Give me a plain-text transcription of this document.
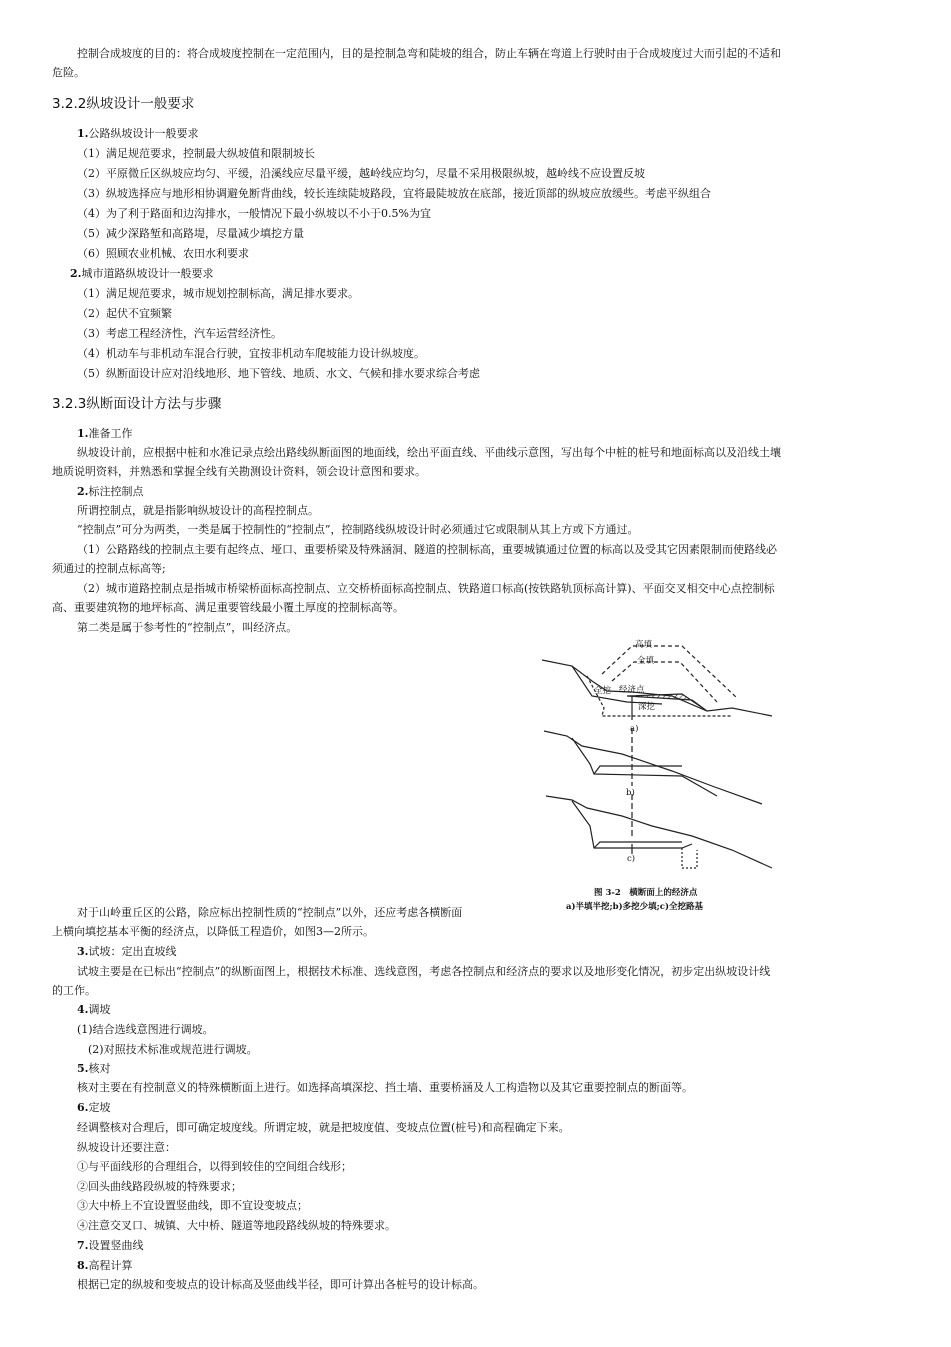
控制合成坡度的目的：将合成坡度控制在一定范围内，目的是控制急弯和陡坡的组合，防止车辆在弯道上行驶时由于合成坡度过大而引起的不适和
危险。
3.2.2纵坡设计一般要求
1.公路纵坡设计一般要求
（1）满足规范要求，控制最大纵坡值和限制坡长
（2）平原微丘区纵坡应均匀、平缓，沿溪线应尽量平缓，越岭线应均匀，尽量不采用极限纵坡，越岭线不应设置反坡
（3）纵坡选择应与地形相协调避免断背曲线，较长连续陡坡路段，宜将最陡坡放在底部，接近顶部的纵坡应放缓些。考虑平纵组合
（4）为了利于路面和边沟排水，一般情况下最小纵坡以不小于0.5%为宜
（5）减少深路堑和高路堤，尽量减少填挖方量
（6）照顾农业机械、农田水利要求
2.城市道路纵坡设计一般要求
（1）满足规范要求，城市规划控制标高，满足排水要求。
（2）起伏不宜频繁
（3）考虑工程经济性，汽车运营经济性。
（4）机动车与非机动车混合行驶，宜按非机动车爬坡能力设计纵坡度。
（5）纵断面设计应对沿线地形、地下管线、地质、水文、气候和排水要求综合考虑
3.2.3纵断面设计方法与步骤
1.准备工作
纵坡设计前，应根据中桩和水准记录点绘出路线纵断面图的地面线，绘出平面直线、平曲线示意图，写出每个中桩的桩号和地面标高以及沿线土壤
地质说明资料，并熟悉和掌握全线有关勘测设计资料，领会设计意图和要求。
2.标注控制点
所谓控制点，就是指影响纵坡设计的高程控制点。
“控制点”可分为两类，一类是属于控制性的“控制点”，控制路线纵坡设计时必须通过它或限制从其上方或下方通过。
（1）公路路线的控制点主要有起终点、垭口、重要桥梁及特殊涵洞、隧道的控制标高，重要城镇通过位置的标高以及受其它因素限制而使路线必
须通过的控制点标高等;
（2）城市道路控制点是指城市桥梁桥面标高控制点、立交桥桥面标高控制点、铁路道口标高(按铁路轨顶标高计算)、平面交叉相交中心点控制标
高、重要建筑物的地坪标高、满足重要管线最小覆土厚度的控制标高等。
第二类是属于参考性的“控制点”，叫经济点。
高填
全填
全挖 经济点
深挖
a)
b)
c)
图 3-2　横断面上的经济点
a)半填半挖;b)多挖少填;c)全挖路基
对于山岭重丘区的公路，除应标出控制性质的“控制点”以外，还应考虑各横断面
上横向填挖基本平衡的经济点，以降低工程造价，如图3—2所示。
3.试坡：定出直坡线
试坡主要是在已标出“控制点”的纵断面图上，根据技术标准、选线意图，考虑各控制点和经济点的要求以及地形变化情况，初步定出纵坡设计线
的工作。
4.调坡
(1)结合选线意图进行调坡。
(2)对照技术标准或规范进行调坡。
5.核对
核对主要在有控制意义的特殊横断面上进行。如选择高填深挖、挡土墙、重要桥涵及人工构造物以及其它重要控制点的断面等。
6.定坡
经调整核对合理后，即可确定坡度线。所谓定坡，就是把坡度值、变坡点位置(桩号)和高程确定下来。
纵坡设计还要注意：
①与平面线形的合理组合，以得到较佳的空间组合线形；
②回头曲线路段纵坡的特殊要求；
③大中桥上不宜设置竖曲线，即不宜设变坡点；
④注意交叉口、城镇、大中桥、隧道等地段路线纵坡的特殊要求。
7.设置竖曲线
8.高程计算
根据已定的纵坡和变坡点的设计标高及竖曲线半径，即可计算出各桩号的设计标高。
